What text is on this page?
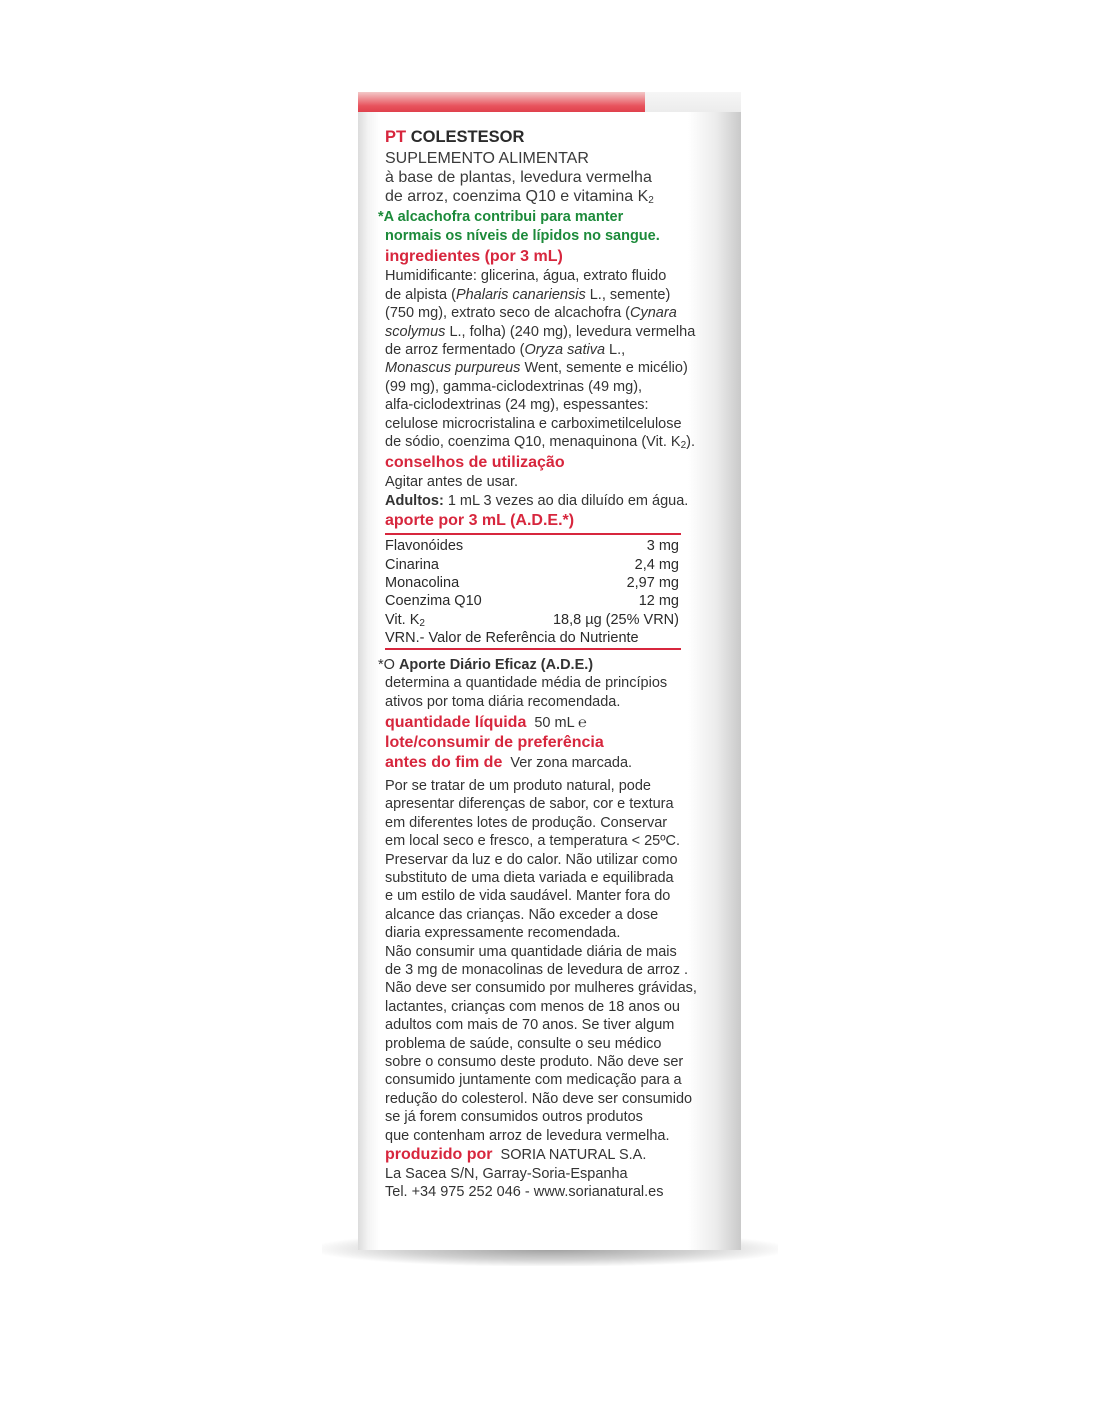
PT COLESTESOR
SUPLEMENTO ALIMENTAR
à base de plantas, levedura vermelha
de arroz, coenzima Q10 e vitamina $K_2$
*A alcachofra contribui para manter
normais os níveis de lípidos no sangue.
ingredientes (por 3 mL)
Humidificante: glicerina, água, extrato fluido
de alpista (Phalaris canariensis L., semente)
(750 mg), extrato seco de alcachofra (Cynara
scolymus L., folha) (240 mg), levedura vermelha
de arroz fermentado (Oryza sativa L.,
Monascus purpureus Went, semente e micélio)
(99 mg), gamma-ciclodextrinas (49 mg),
alfa-ciclodextrinas (24 mg), espessantes:
celulose microcristalina e carboximetilcelulose
de sódio, coenzima Q10, menaquinona (Vit. $K_2$).
conselhos de utilização
Agitar antes de usar.
Adultos: 1 mL 3 vezes ao dia diluído em água.
aporte por 3 mL (A.D.E.*)
Flavonóides	3 mg
Cinarina	2,4 mg
Monacolina	2,97 mg
Coenzima Q10	12 mg
Vit. $K_2$	18,8 µg (25% VRN)
VRN.- Valor de Referência do Nutriente
*O Aporte Diário Eficaz (A.D.E.)
determina a quantidade média de princípios
ativos por toma diária recomendada.
quantidade líquida 50 mL ℮
lote/consumir de preferência
antes do fim de Ver zona marcada.
Por se tratar de um produto natural, pode
apresentar diferenças de sabor, cor e textura
em diferentes lotes de produção. Conservar
em local seco e fresco, a temperatura < 25ºC.
Preservar da luz e do calor. Não utilizar como
substituto de uma dieta variada e equilibrada
e um estilo de vida saudável. Manter fora do
alcance das crianças. Não exceder a dose
diaria expressamente recomendada.
Não consumir uma quantidade diária de mais
de 3 mg de monacolinas de levedura de arroz .
Não deve ser consumido por mulheres grávidas,
lactantes, crianças com menos de 18 anos ou
adultos com mais de 70 anos. Se tiver algum
problema de saúde, consulte o seu médico
sobre o consumo deste produto. Não deve ser
consumido juntamente com medicação para a
redução do colesterol. Não deve ser consumido
se já forem consumidos outros produtos
que contenham arroz de levedura vermelha.
produzido por SORIA NATURAL S.A.
La Sacea S/N, Garray-Soria-Espanha
Tel. +34 975 252 046 - www.sorianatural.es
